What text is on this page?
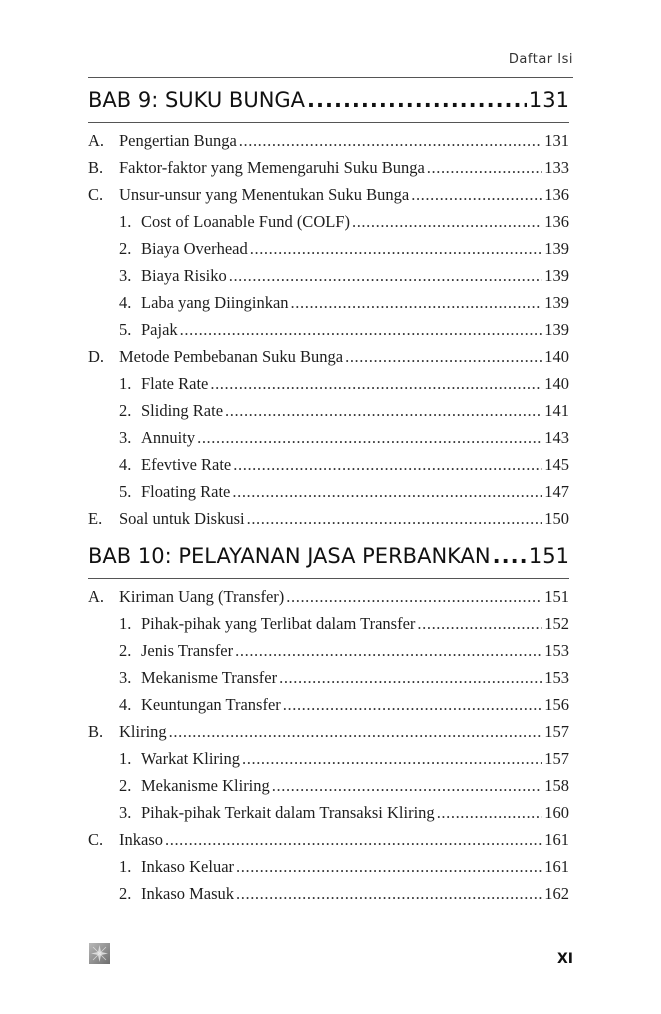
Daftar Isi
BAB 9: SUKU BUNGA .....	131
A. Pengertian Bunga .....	131
B. Faktor-faktor yang Memengaruhi Suku Bunga .....	133
C. Unsur-unsur yang Menentukan Suku Bunga .....	136
1. Cost of Loanable Fund (COLF) .....	136
2. Biaya Overhead .....	139
3. Biaya Risiko .....	139
4. Laba yang Diinginkan .....	139
5. Pajak .....	139
D. Metode Pembebanan Suku Bunga .....	140
1. Flate Rate .....	140
2. Sliding Rate .....	141
3. Annuity .....	143
4. Efevtive Rate .....	145
5. Floating Rate .....	147
E.	Soal untuk Diskusi .....	150
BAB 10: PELAYANAN JASA PERBANKAN ..... 151
A. Kiriman Uang (Transfer) .....	151
1. Pihak-pihak yang Terlibat dalam Transfer .....	152
2. Jenis Transfer .....	153
3. Mekanisme Transfer .....	153
4. Keuntungan Transfer .....	156
B. Kliring .....	157
1. Warkat Kliring .....	157
2. Mekanisme Kliring .....	158
3. Pihak-pihak Terkait dalam Transaksi Kliring .....	160
C. Inkaso .....	161
1. Inkaso Keluar .....	161
2. Inkaso Masuk .....	162
XI
